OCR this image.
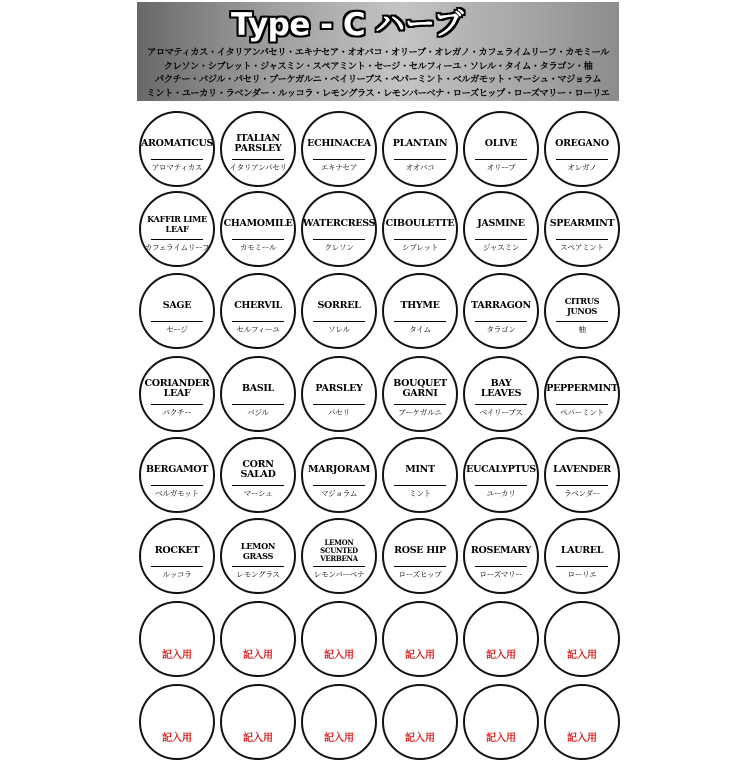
Type - C ハーブ
アロマティカス・イタリアンパセリ・エキナセア・オオバコ・オリーブ・オレガノ・カフェライムリーフ・カモミール
クレソン・シブレット・ジャスミン・スペアミント・セージ・セルフィーユ・ソレル・タイム・タラゴン・柚
パクチー・バジル・パセリ・ブーケガルニ・ベイリーブス・ペパーミント・ベルガモット・マーシュ・マジョラム
ミント・ユーカリ・ラベンダー・ルッコラ・レモングラス・レモンバーベナ・ローズヒップ・ローズマリー・ローリエ
AROMATICUS
アロマティカス
ITALIAN
PARSLEY
イタリアンパセリ
ECHINACEA
エキナセア
PLANTAIN
オオバコ
OLIVE
オリーブ
OREGANO
オレガノ
KAFFIR LIME
LEAF
カフェライムリーフ
CHAMOMILE
カモミール
WATERCRESS
クレソン
CIBOULETTE
シブレット
JASMINE
ジャスミン
SPEARMINT
スペアミント
SAGE
セージ
CHERVIL
セルフィーユ
SORREL
ソレル
THYME
タイム
TARRAGON
タラゴン
CITRUS JUNOS
柚
CORIANDER
LEAF
パクチー
BASIL
バジル
PARSLEY
パセリ
BOUQUET
GARNI
ブーケガルニ
BAY LEAVES
ベイリーブス
PEPPERMINT
ペパーミント
BERGAMOT
ベルガモット
CORN SALAD
マーシュ
MARJORAM
マジョラム
MINT
ミント
EUCALYPTUS
ユーカリ
LAVENDER
ラベンダー
ROCKET
ルッコラ
LEMON GRASS
レモングラス
LEMON
SCUNTED VERBENA
レモンバーベナ
ROSE HIP
ローズヒップ
ROSEMARY
ローズマリー
LAUREL
ローリエ
記入用	記入用	記入用	記入用	記入用	記入用
記入用	記入用	記入用	記入用	記入用	記入用
